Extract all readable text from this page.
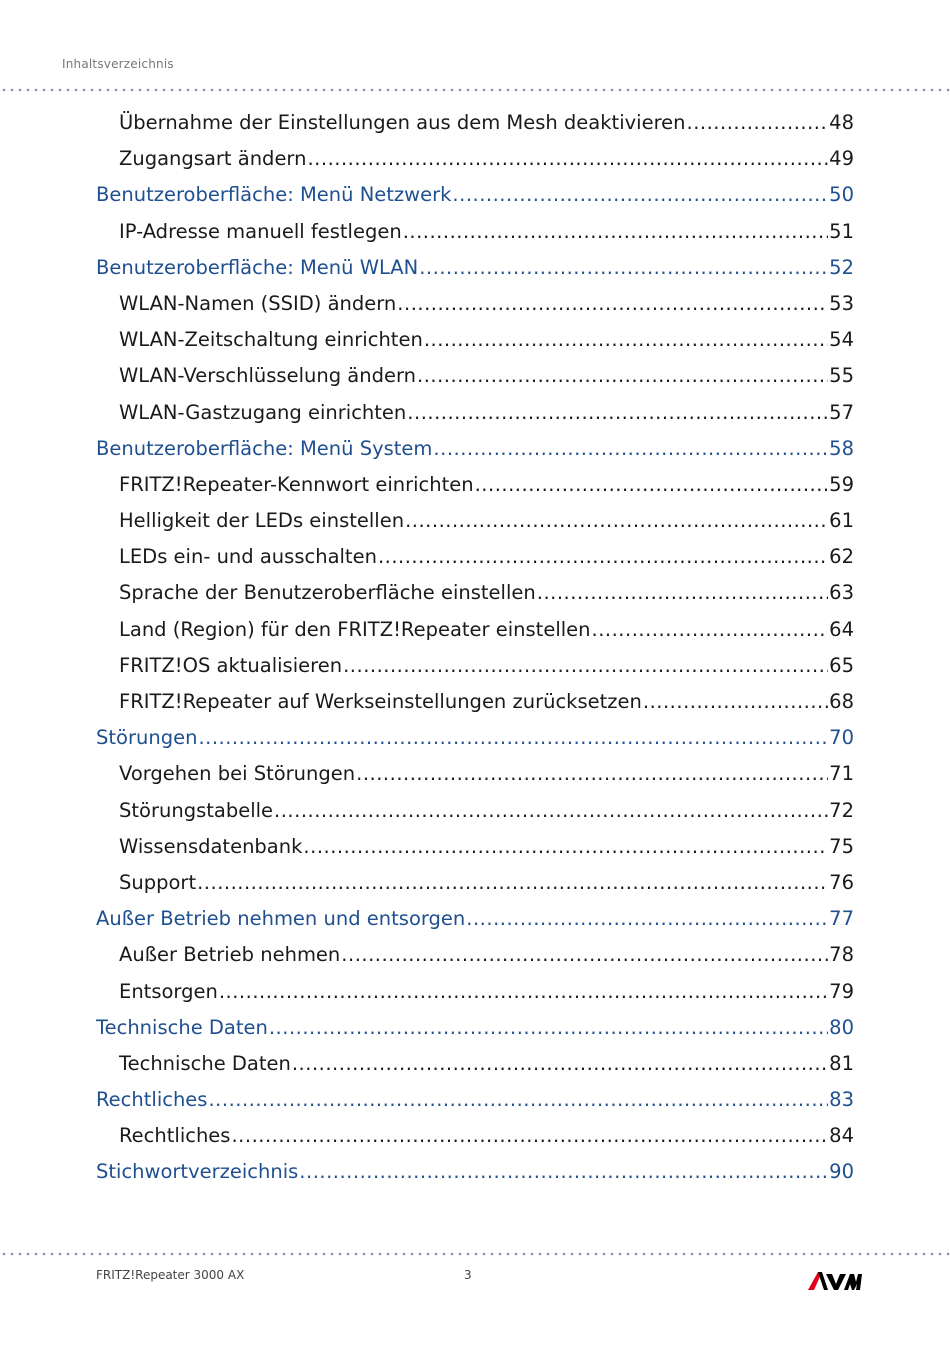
Inhaltsverzeichnis
Übernahme der Einstellungen aus dem Mesh deaktivieren .....	48
Zugangsart ändern .....	49
Benutzeroberfläche: Menü Netzwerk .....	50
IP-Adresse manuell festlegen .....	51
Benutzeroberfläche: Menü WLAN .....	52
WLAN-Namen (SSID) ändern .....	53
WLAN-Zeitschaltung einrichten .....	54
WLAN-Verschlüsselung ändern .....	55
WLAN-Gastzugang einrichten .....	57
Benutzeroberfläche: Menü System .....	58
FRITZ!Repeater-Kennwort einrichten .....	59
Helligkeit der LEDs einstellen .....	61
LEDs ein- und ausschalten .....	62
Sprache der Benutzeroberfläche einstellen .....	63
Land (Region) für den FRITZ!Repeater einstellen .....	64
FRITZ!OS aktualisieren .....	65
FRITZ!Repeater auf Werkseinstellungen zurücksetzen .....	68
Störungen .....	70
Vorgehen bei Störungen .....	71
Störungstabelle .....	72
Wissensdatenbank .....	75
Support .....	76
Außer Betrieb nehmen und entsorgen .....	77
Außer Betrieb nehmen .....	78
Entsorgen .....	79
Technische Daten .....	80
Technische Daten .....	81
Rechtliches .....	83
Rechtliches .....	84
Stichwortverzeichnis .....	90
FRITZ!Repeater 3000 AX	3
